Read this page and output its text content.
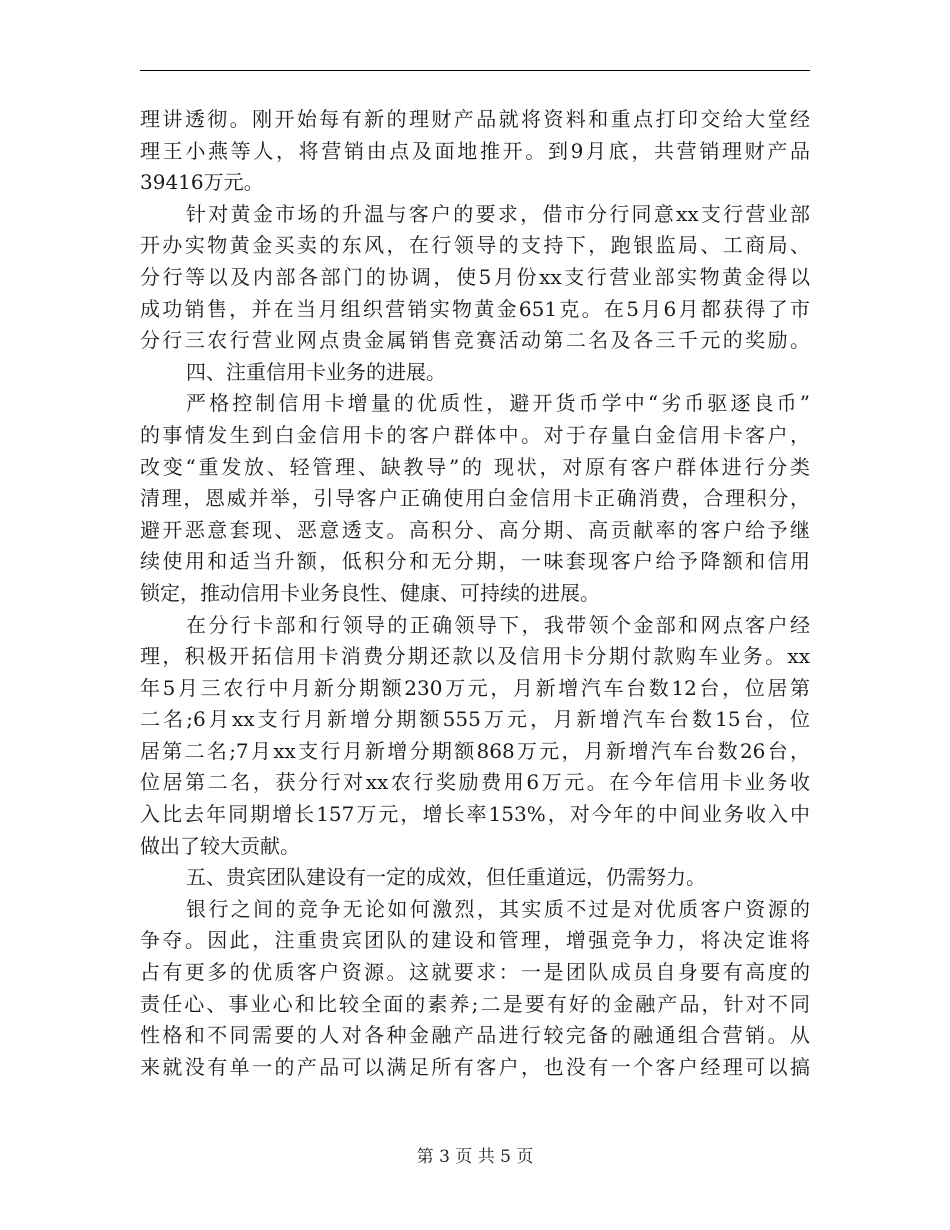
理讲透彻。刚开始每有新的理财产品就将资料和重点打印交给大堂经
理王小燕等人，将营销由点及面地推开。到9月底，共营销理财产品
39416万元。
针对黄金市场的升温与客户的要求，借市分行同意xx支行营业部
开办实物黄金买卖的东风，在行领导的支持下，跑银监局、工商局、
分行等以及内部各部门的协调，使5月份xx支行营业部实物黄金得以
成功销售，并在当月组织营销实物黄金651克。在5月6月都获得了市
分行三农行营业网点贵金属销售竞赛活动第二名及各三千元的奖励。
四、注重信用卡业务的进展。
严格控制信用卡增量的优质性，避开货币学中“劣币驱逐良币”
的事情发生到白金信用卡的客户群体中。对于存量白金信用卡客户，
改变“重发放、轻管理、缺教导”的 现状，对原有客户群体进行分类
清理，恩威并举，引导客户正确使用白金信用卡正确消费，合理积分，
避开恶意套现、恶意透支。高积分、高分期、高贡献率的客户给予继
续使用和适当升额，低积分和无分期，一味套现客户给予降额和信用
锁定，推动信用卡业务良性、健康、可持续的进展。
在分行卡部和行领导的正确领导下，我带领个金部和网点客户经
理，积极开拓信用卡消费分期还款以及信用卡分期付款购车业务。xx
年5月三农行中月新分期额230万元，月新增汽车台数12台，位居第
二名;6月xx支行月新增分期额555万元，月新增汽车台数15台，位
居第二名;7月xx支行月新增分期额868万元，月新增汽车台数26台，
位居第二名，获分行对xx农行奖励费用6万元。在今年信用卡业务收
入比去年同期增长157万元，增长率153%，对今年的中间业务收入中
做出了较大贡献。
五、贵宾团队建设有一定的成效，但任重道远，仍需努力。
银行之间的竞争无论如何激烈，其实质不过是对优质客户资源的
争夺。因此，注重贵宾团队的建设和管理，增强竞争力，将决定谁将
占有更多的优质客户资源。这就要求：一是团队成员自身要有高度的
责任心、事业心和比较全面的素养;二是要有好的金融产品，针对不同
性格和不同需要的人对各种金融产品进行较完备的融通组合营销。从
来就没有单一的产品可以满足所有客户，也没有一个客户经理可以搞
第 3 页 共 5 页
